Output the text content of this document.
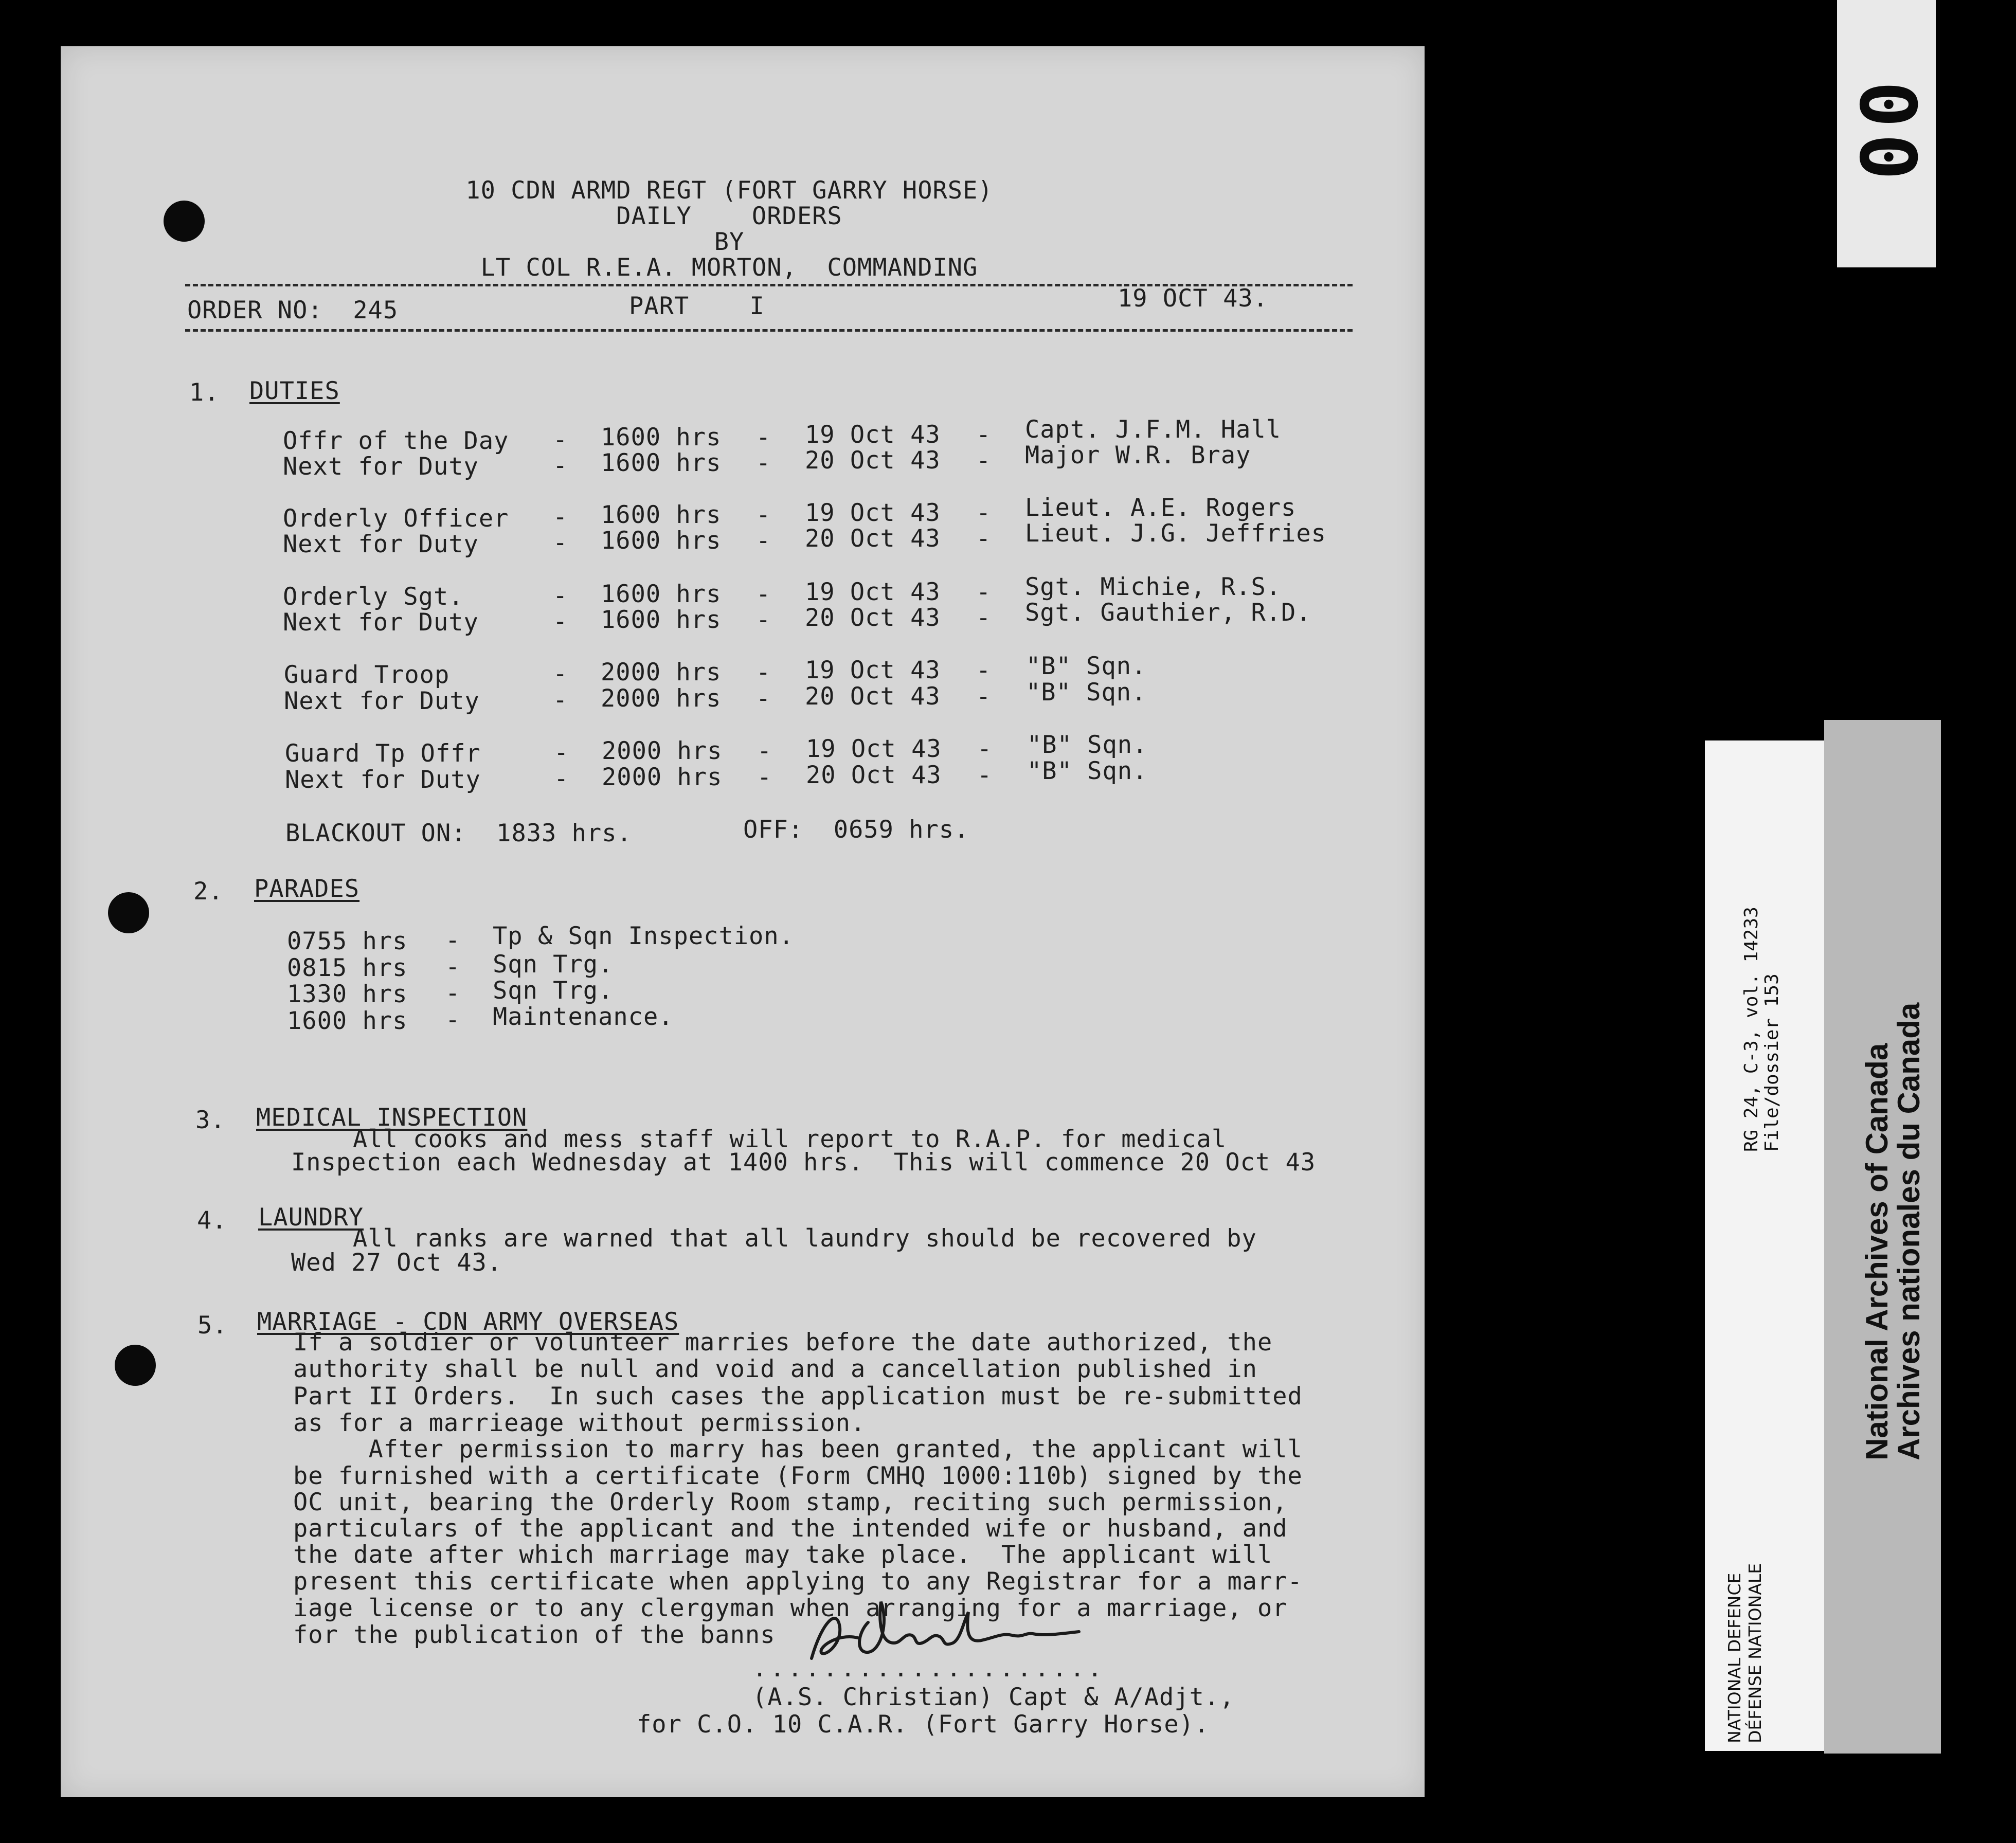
10 CDN ARMD REGT (FORT GARRY HORSE)
DAILY    ORDERS
BY
LT COL R.E.A. MORTON,  COMMANDING
ORDER NO:  245	PART    I	19 OCT 43.
1. DUTIES
Offr of the Day - 1600 hrs - 19 Oct 43 - Capt. J.F.M. Hall
Next for Duty	- 1600 hrs - 20 Oct 43 - Major W.R. Bray
Orderly Officer - 1600 hrs - 19 Oct 43 - Lieut. A.E. Rogers
Next for Duty	- 1600 hrs - 20 Oct 43 - Lieut. J.G. Jeffries
Orderly Sgt.	- 1600 hrs - 19 Oct 43 - Sgt. Michie, R.S.
Next for Duty	- 1600 hrs - 20 Oct 43 - Sgt. Gauthier, R.D.
Guard Troop	- 2000 hrs - 19 Oct 43 - "B" Sqn.
Next for Duty	- 2000 hrs - 20 Oct 43 - "B" Sqn.
Guard Tp Offr	- 2000 hrs - 19 Oct 43 - "B" Sqn.
Next for Duty	- 2000 hrs - 20 Oct 43 - "B" Sqn.
BLACKOUT ON:  1833 hrs.	OFF:  0659 hrs.
2. PARADES
0755 hrs - Tp & Sqn Inspection.
0815 hrs - Sqn Trg.
1330 hrs - Sqn Trg.
1600 hrs - Maintenance.
3. MEDICAL INSPECTION
All cooks and mess staff will report to R.A.P. for medical
Inspection each Wednesday at 1400 hrs.  This will commence 20 Oct 43
4. LAUNDRY
All ranks are warned that all laundry should be recovered by
Wed 27 Oct 43.
5. MARRIAGE - CDN ARMY OVERSEAS
If a soldier or volunteer marries before the date authorized, the
authority shall be null and void and a cancellation published in
Part II Orders.  In such cases the application must be re-submitted
as for a marrieage without permission.
After permission to marry has been granted, the applicant will
be furnished with a certificate (Form CMHQ 1000:110b) signed by the
OC unit, bearing the Orderly Room stamp, reciting such permission,
particulars of the applicant and the intended wife or husband, and
the date after which marriage may take place.  The applicant will
present this certificate when applying to any Registrar for a marr-
iage license or to any clergyman when arranging for a marriage, or
for the publication of the banns
....................
(A.S. Christian) Capt & A/Adjt.,
for C.O. 10 C.A.R. (Fort Garry Horse).
00
RG 24, C-3, vol. 14233 File/dossier 153
NATIONAL DEFENCE DÉFENSE NATIONALE
National Archives of Canada
Archives nationales du Canada
